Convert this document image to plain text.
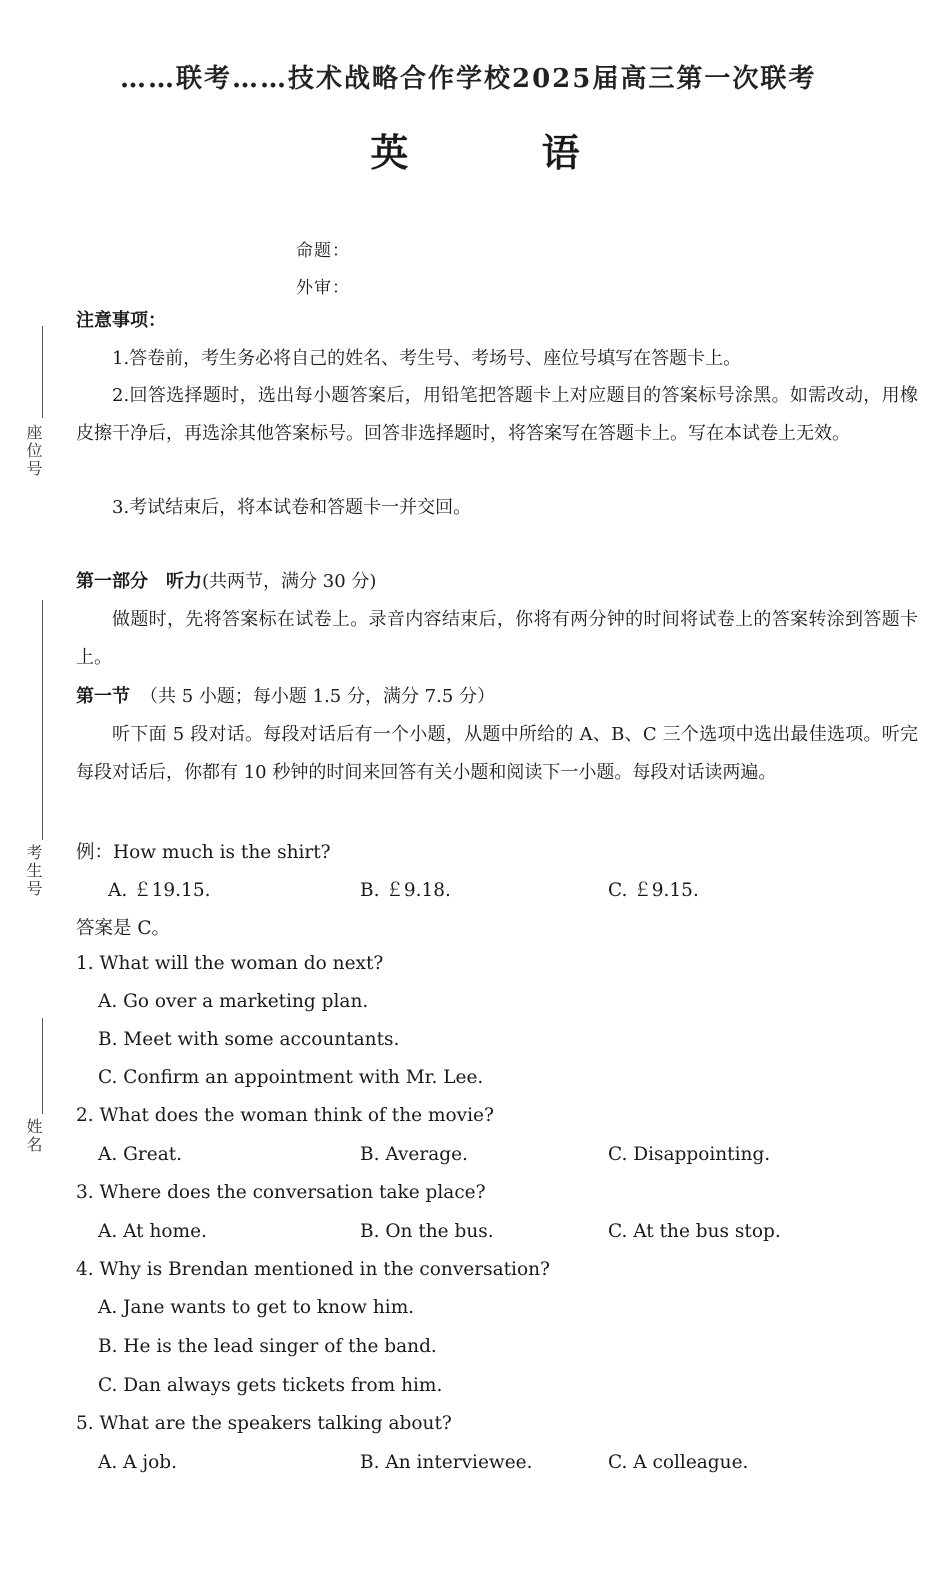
……联考……技术战略合作学校2025届高三第一次联考
英 语
命题：
外审：
座位号
考生号
姓名
注意事项：
1.答卷前，考生务必将自己的姓名、考生号、考场号、座位号填写在答题卡上。
2.回答选择题时，选出每小题答案后，用铅笔把答题卡上对应题目的答案标号涂黑。如需改动，用橡皮擦干净后，再选涂其他答案标号。回答非选择题时，将答案写在答题卡上。写在本试卷上无效。
3.考试结束后，将本试卷和答题卡一并交回。
第一部分　听力(共两节，满分 30 分)
做题时，先将答案标在试卷上。录音内容结束后，你将有两分钟的时间将试卷上的答案转涂到答题卡上。
第一节 （共 5 小题；每小题 1.5 分，满分 7.5 分）
听下面 5 段对话。每段对话后有一个小题，从题中所给的 A、B、C 三个选项中选出最佳选项。听完每段对话后，你都有 10 秒钟的时间来回答有关小题和阅读下一小题。每段对话读两遍。
例：How much is the shirt?
A. ￡19.15.	B. ￡9.18.	C. ￡9.15.
答案是 C。
1. What will the woman do next?
A. Go over a marketing plan.
B. Meet with some accountants.
C. Confirm an appointment with Mr. Lee.
2. What does the woman think of the movie?
A. Great.	B. Average.	C. Disappointing.
3. Where does the conversation take place?
A. At home.	B. On the bus.	C. At the bus stop.
4. Why is Brendan mentioned in the conversation?
A. Jane wants to get to know him.
B. He is the lead singer of the band.
C. Dan always gets tickets from him.
5. What are the speakers talking about?
A. A job.	B. An interviewee.	C. A colleague.
